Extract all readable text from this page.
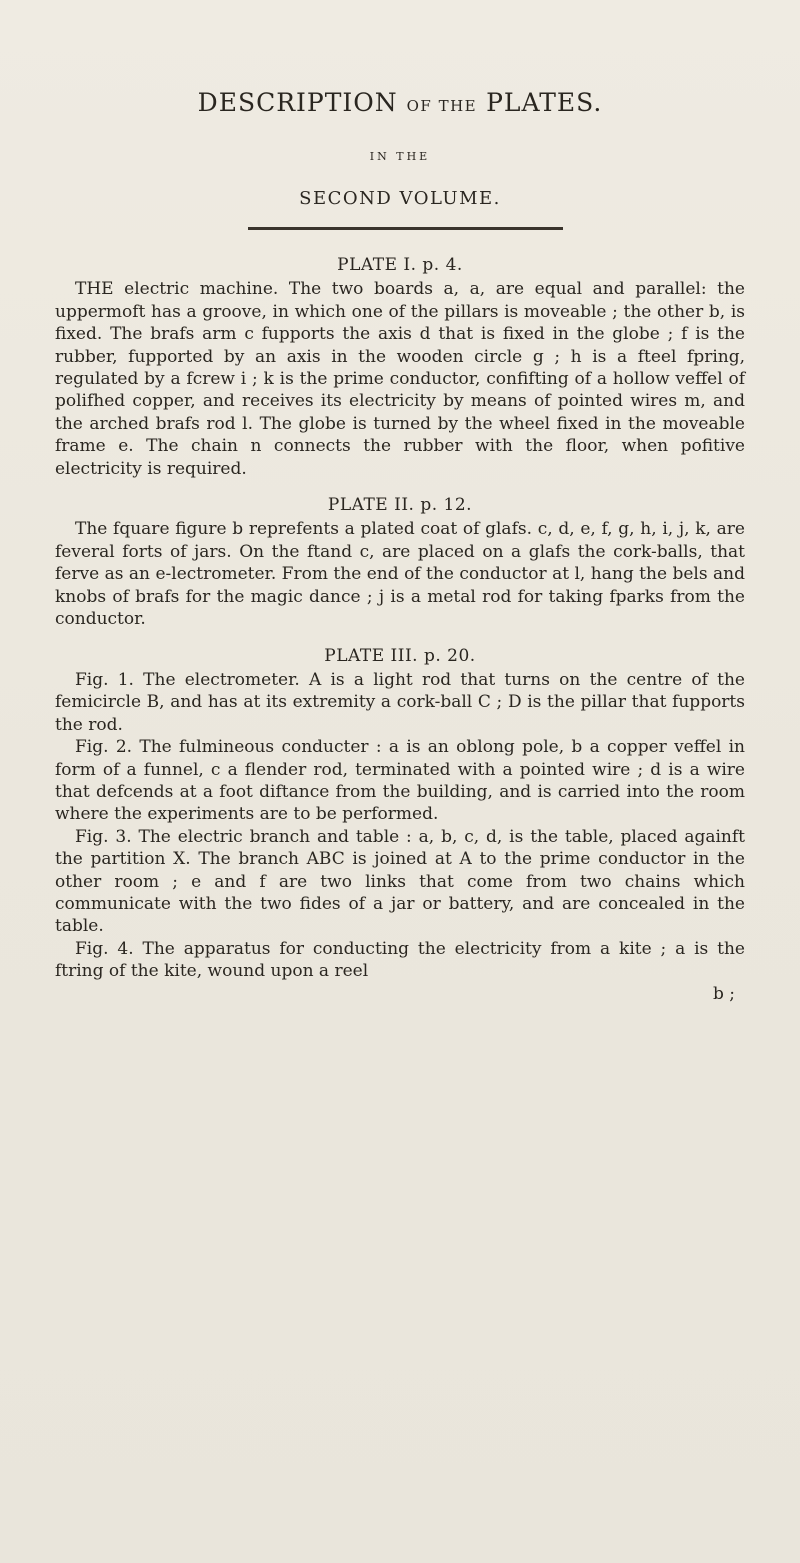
DESCRIPTION OF THE PLATES.
IN THE
SECOND VOLUME.
PLATE I. p. 4.

THE electric machine. The two boards a, a, are equal and parallel: the uppermoft has a groove, in which one of the pillars is moveable ; the other b, is fixed. The brafs arm c fupports the axis d that is fixed in the globe ; f is the rubber, fupported by an axis in the wooden circle g ; h is a fteel fpring, regulated by a fcrew i ; k is the prime conductor, confifting of a hollow veffel of polifhed copper, and receives its electricity by means of pointed wires m, and the arched brafs rod l. The globe is turned by the wheel fixed in the moveable frame e. The chain n connects the rubber with the floor, when pofitive electricity is required.

PLATE II. p. 12.

The fquare figure b reprefents a plated coat of glafs. c, d, e, f, g, h, i, j, k, are feveral forts of jars. On the ftand c, are placed on a glafs the cork-balls, that ferve as an e-lectrometer. From the end of the conductor at l, hang the bels and knobs of brafs for the magic dance ; j is a metal rod for taking fparks from the conductor.

PLATE III. p. 20.

Fig. 1. The electrometer. A is a light rod that turns on the centre of the femicircle B, and has at its extremity a cork-ball C ; D is the pillar that fupports the rod.

Fig. 2. The fulmineous conducter : a is an oblong pole, b a copper veffel in form of a funnel, c a flender rod, terminated with a pointed wire ; d is a wire that defcends at a foot diftance from the building, and is carried into the room where the experiments are to be performed.

Fig. 3. The electric branch and table : a, b, c, d, is the table, placed againft the partition X. The branch ABC is joined at A to the prime conductor in the other room ; e and f are two links that come from two chains which communicate with the two fides of a jar or battery, and are concealed in the table.

Fig. 4. The apparatus for conducting the electricity from a kite ; a is the ftring of the kite, wound upon a reel

b ;
